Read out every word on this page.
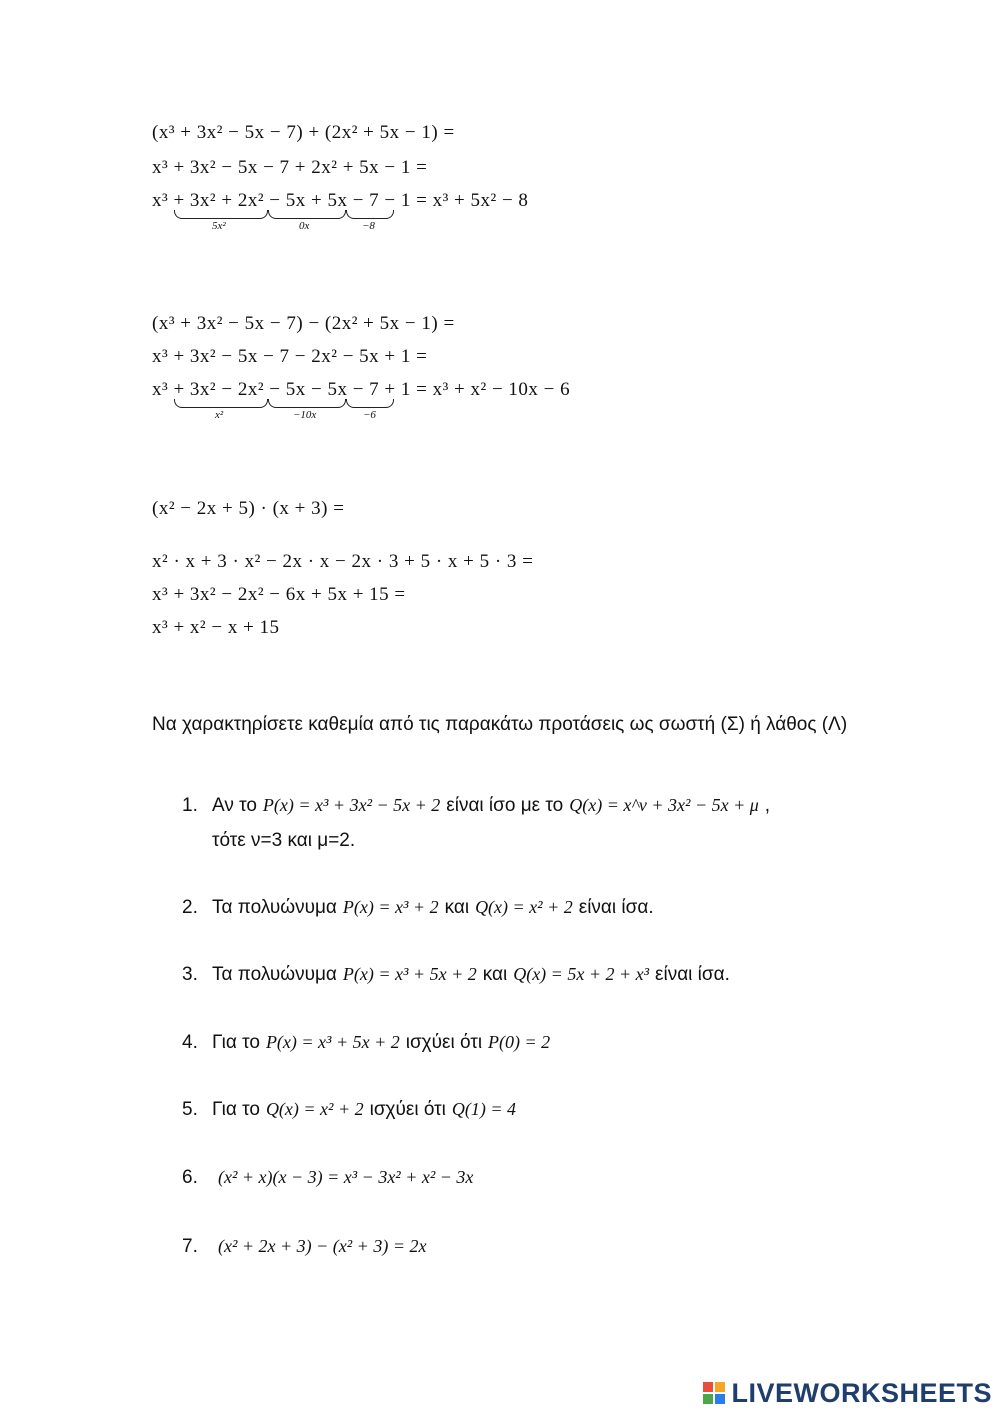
(x³ + 3x² − 5x − 7) + (2x² + 5x − 1) =
x³ + 3x² − 5x − 7 + 2x² + 5x − 1 =
x³ + 3x² + 2x² − 5x + 5x − 7 − 1 = x³ + 5x² − 8
5x²	0x	−8
(x³ + 3x² − 5x − 7) − (2x² + 5x − 1) =
x³ + 3x² − 5x − 7 − 2x² − 5x + 1 =
x³ + 3x² − 2x² − 5x − 5x − 7 + 1 = x³ + x² − 10x − 6
x²	−10x	−6
(x² − 2x + 5) · (x + 3) =
x² · x + 3 · x² − 2x · x − 2x · 3 + 5 · x + 5 · 3 =
x³ + 3x² − 2x² − 6x + 5x + 15 =
x³ + x² − x + 15
Να χαρακτηρίσετε καθεμία από τις παρακάτω προτάσεις ως σωστή (Σ) ή λάθος (Λ)
1. Αν το P(x) = x³ + 3x² − 5x + 2 είναι ίσο με το Q(x) = x^ν + 3x² − 5x + μ ,
τότε ν=3 και μ=2.
2. Τα πολυώνυμα P(x) = x³ + 2 και Q(x) = x² + 2 είναι ίσα.
3. Τα πολυώνυμα P(x) = x³ + 5x + 2 και Q(x) = 5x + 2 + x³ είναι ίσα.
4. Για το P(x) = x³ + 5x + 2 ισχύει ότι P(0) = 2
5. Για το Q(x) = x² + 2 ισχύει ότι Q(1) = 4
6. (x² + x)(x − 3) = x³ − 3x² + x² − 3x
7. (x² + 2x + 3) − (x² + 3) = 2x
LIVEWORKSHEETS
